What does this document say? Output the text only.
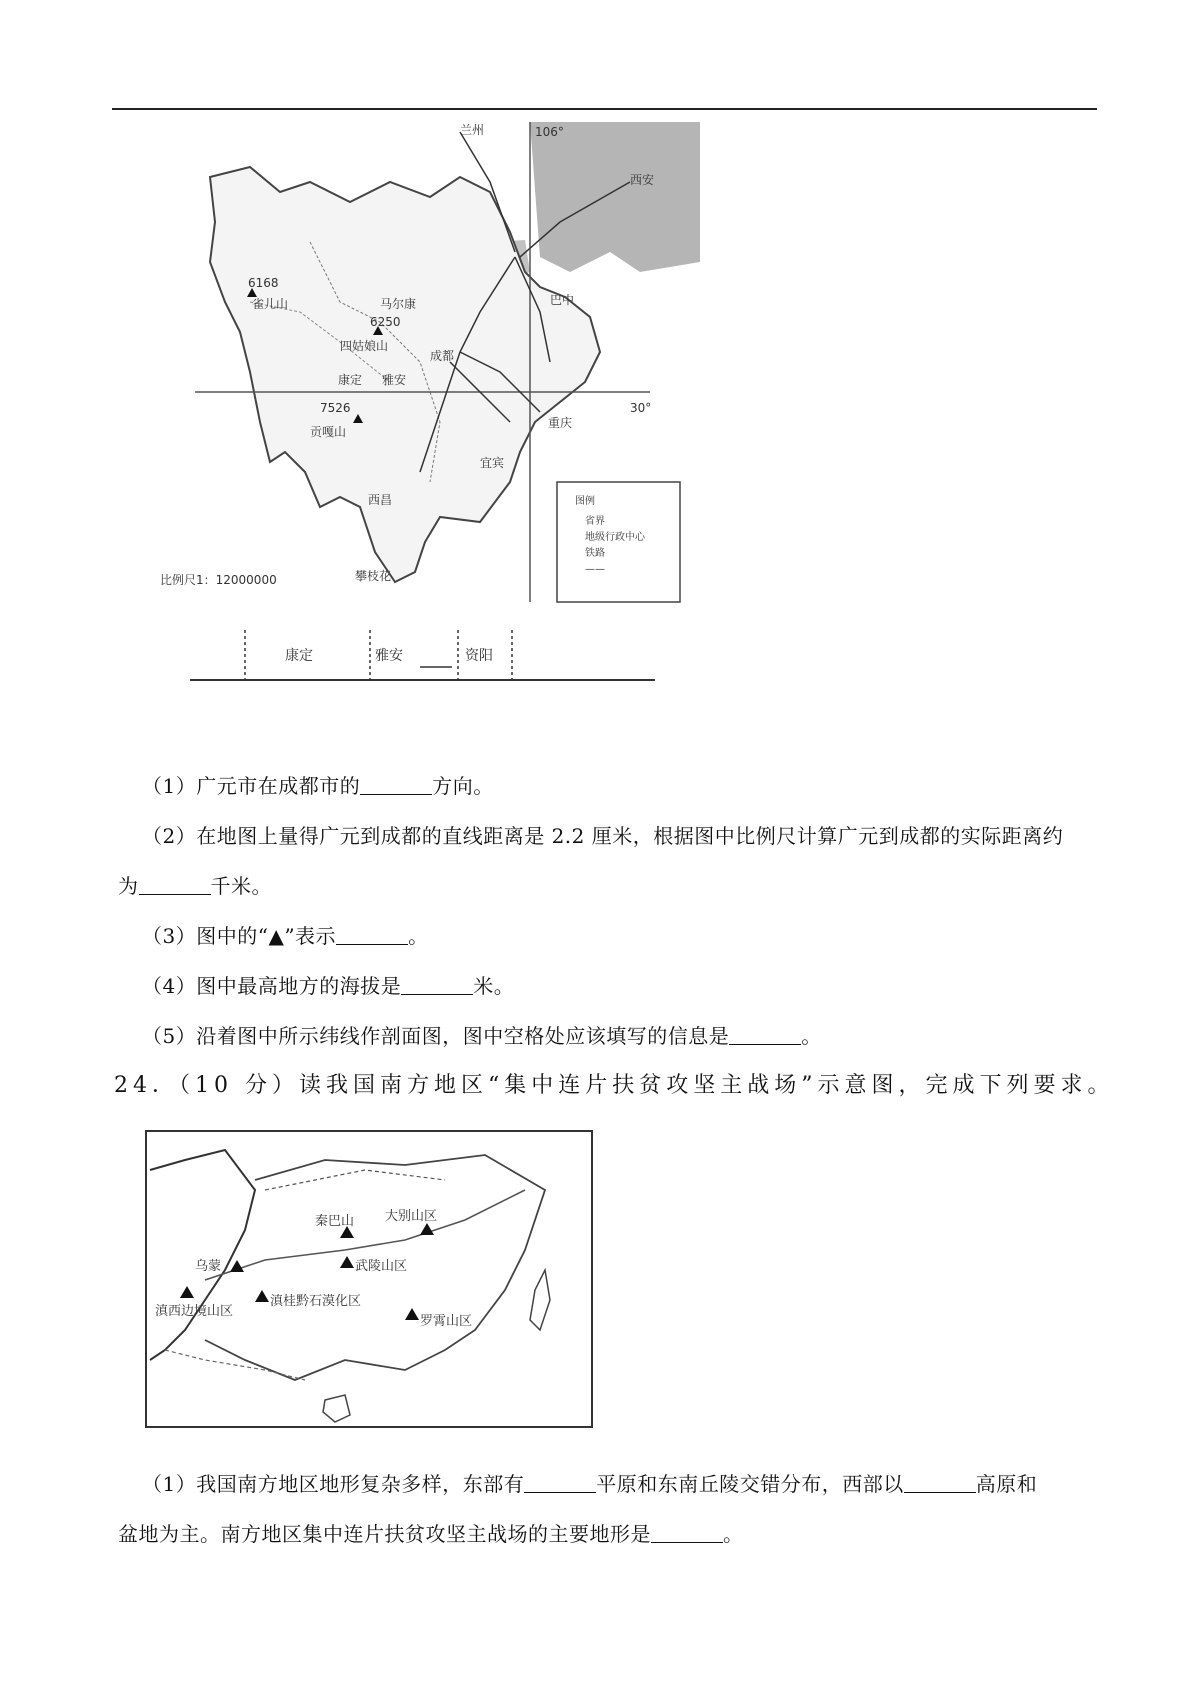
兰州	106°
西安
6168
雀儿山	马尔康
6250
四姑娘山
巴中
成都
康定 雅安
30°
7526
贡嘎山
重庆
宜宾
西昌
攀枝花
比例尺1：12000000
图例
省界
地级行政中心
铁路
——
康定	雅安	资阳
（1）广元市在成都市的	方向。
（2）在地图上量得广元到成都的直线距离是 2.2 厘米，根据图中比例尺计算广元到成都的实际距离约
为	千米。
（3）图中的“▲”表示	。
（4）图中最高地方的海拔是	米。
（5）沿着图中所示纬线作剖面图，图中空格处应该填写的信息是	。
24．（10 分）读我国南方地区“集中连片扶贫攻坚主战场”示意图，完成下列要求。
秦巴山 大别山区
武陵山区
乌蒙
滇桂黔石漠化区
滇西边境山区
罗霄山区
（1）我国南方地区地形复杂多样，东部有	平原和东南丘陵交错分布，西部以	高原和
盆地为主。南方地区集中连片扶贫攻坚主战场的主要地形是	。
